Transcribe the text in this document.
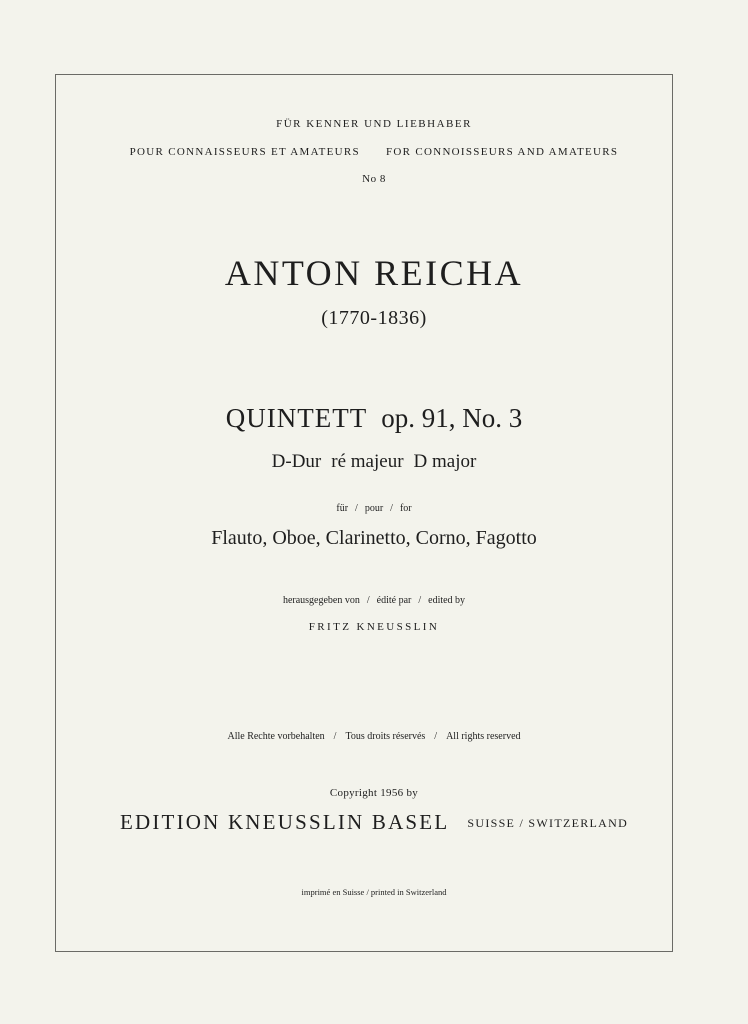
FÜR KENNER UND LIEBHABER
POUR CONNAISSEURS ET AMATEURS FOR CONNOISSEURS AND AMATEURS
No 8
ANTON REICHA
(1770-1836)
QUINTETT op. 91, No. 3
D-Dur ré majeur D major
für / pour / for
Flauto, Oboe, Clarinetto, Corno, Fagotto
herausgegeben von / édité par / edited by
FRITZ KNEUSSLIN
Alle Rechte vorbehalten / Tous droits réservés / All rights reserved
Copyright 1956 by
EDITION KNEUSSLIN BASEL SUISSE / SWITZERLAND
imprimé en Suisse / printed in Switzerland
